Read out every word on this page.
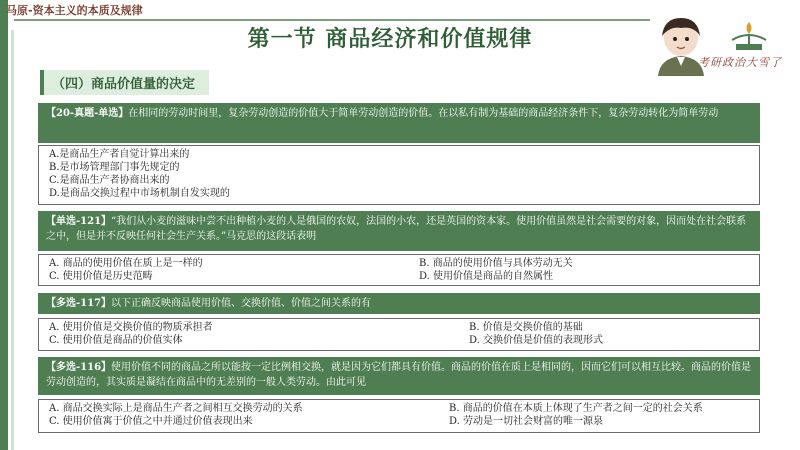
马原-资本主义的本质及规律
第一节 商品经济和价值规律
考研政治大雪了
（四）商品价值量的决定
【20-真题-单选】在相同的劳动时间里，复杂劳动创造的价值大于简单劳动创造的价值。在以私有制为基础的商品经济条件下，复杂劳动转化为简单劳动
A.是商品生产者自觉计算出来的
B.是市场管理部门事先规定的
C.是商品生产者协商出来的
D.是商品交换过程中市场机制自发实现的
【单选-121】“我们从小麦的滋味中尝不出种植小麦的人是俄国的农奴，法国的小农，还是英国的资本家。使用价值虽然是社会需要的对象，因而处在社会联系之中，但是并不反映任何社会生产关系。”马克思的这段话表明
A. 商品的使用价值在质上是一样的	B. 商品的使用价值与具体劳动无关
C. 使用价值是历史范畴	D. 使用价值是商品的自然属性
【多选-117】以下正确反映商品使用价值、交换价值、价值之间关系的有
A. 使用价值是交换价值的物质承担者	B. 价值是交换价值的基础
C. 使用价值是商品的价值实体	D. 交换价值是价值的表现形式
【多选-116】使用价值不同的商品之所以能按一定比例相交换，就是因为它们都具有价值。商品的价值在质上是相同的，因而它们可以相互比较。商品的价值是劳动创造的，其实质是凝结在商品中的无差别的一般人类劳动。由此可见
A. 商品交换实际上是商品生产者之间相互交换劳动的关系	B. 商品的价值在本质上体现了生产者之间一定的社会关系
C. 使用价值寓于价值之中并通过价值表现出来	D. 劳动是一切社会财富的唯一源泉
